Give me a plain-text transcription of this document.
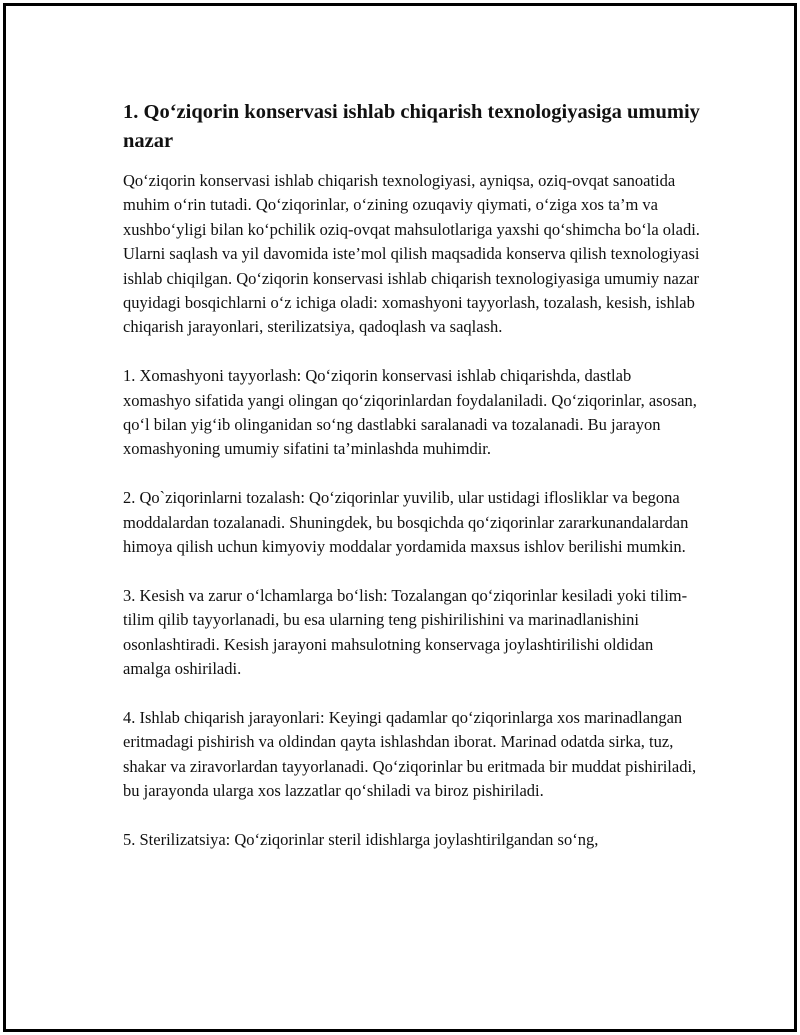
1. Qo‘ziqorin konservasi ishlab chiqarish texnologiyasiga umumiy nazar
Qo‘ziqorin konservasi ishlab chiqarish texnologiyasi, ayniqsa, oziq-ovqat sanoatida muhim o‘rin tutadi. Qo‘ziqorinlar, o‘zining ozuqaviy qiymati, o‘ziga xos ta’m va xushbo‘yligi bilan ko‘pchilik oziq-ovqat mahsulotlariga yaxshi qo‘shimcha bo‘la oladi. Ularni saqlash va yil davomida iste’mol qilish maqsadida konserva qilish texnologiyasi ishlab chiqilgan. Qo‘ziqorin konservasi ishlab chiqarish texnologiyasiga umumiy nazar quyidagi bosqichlarni o‘z ichiga oladi: xomashyoni tayyorlash, tozalash, kesish, ishlab chiqarish jarayonlari, sterilizatsiya, qadoqlash va saqlash.
1. Xomashyoni tayyorlash: Qo‘ziqorin konservasi ishlab chiqarishda, dastlab xomashyo sifatida yangi olingan qo‘ziqorinlardan foydalaniladi. Qo‘ziqorinlar, asosan, qo‘l bilan yig‘ib olinganidan so‘ng dastlabki saralanadi va tozalanadi. Bu jarayon xomashyoning umumiy sifatini ta’minlashda muhimdir.
2. Qo`ziqorinlarni tozalash: Qo‘ziqorinlar yuvilib, ular ustidagi iflosliklar va begona moddalardan tozalanadi. Shuningdek, bu bosqichda qo‘ziqorinlar zararkunandalardan himoya qilish uchun kimyoviy moddalar yordamida maxsus ishlov berilishi mumkin.
3. Kesish va zarur o‘lchamlarga bo‘lish: Tozalangan qo‘ziqorinlar kesiladi yoki tilim-tilim qilib tayyorlanadi, bu esa ularning teng pishirilishini va marinadlanishini osonlashtiradi. Kesish jarayoni mahsulotning konservaga joylashtirilishi oldidan amalga oshiriladi.
4. Ishlab chiqarish jarayonlari: Keyingi qadamlar qo‘ziqorinlarga xos marinadlangan eritmadagi pishirish va oldindan qayta ishlashdan iborat. Marinad odatda sirka, tuz, shakar va ziravorlardan tayyorlanadi. Qo‘ziqorinlar bu eritmada bir muddat pishiriladi, bu jarayonda ularga xos lazzatlar qo‘shiladi va biroz pishiriladi.
5. Sterilizatsiya: Qo‘ziqorinlar steril idishlarga joylashtirilgandan so‘ng,
